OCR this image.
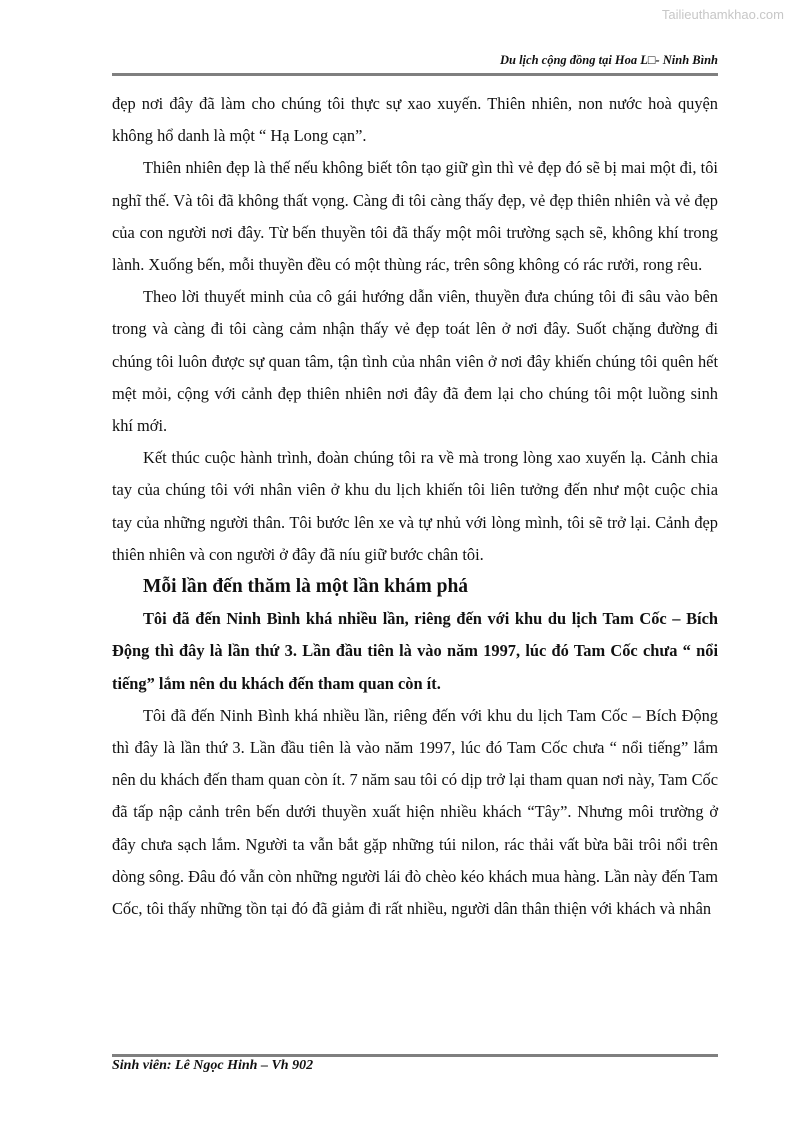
Tailieuthamkhao.com
Du lịch cộng đồng tại Hoa L□- Ninh Bình

đẹp nơi đây đã làm cho chúng tôi thực sự xao xuyến. Thiên nhiên, non nước hoà quyện không hổ danh là một “ Hạ Long cạn”.

Thiên nhiên đẹp là thế nếu không biết tôn tạo giữ gìn thì vẻ đẹp đó sẽ bị mai một đi, tôi nghĩ thế. Và tôi đã không thất vọng. Càng đi tôi càng thấy đẹp, vẻ đẹp thiên nhiên và vẻ đẹp của con người nơi đây. Từ bến thuyền tôi đã thấy một môi trường sạch sẽ, không khí trong lành. Xuống bến, mỗi thuyền đều có một thùng rác, trên sông không có rác rưởi, rong rêu.

Theo lời thuyết minh của cô gái hướng dẫn viên, thuyền đưa chúng tôi đi sâu vào bên trong và càng đi tôi càng cảm nhận thấy vẻ đẹp toát lên ở nơi đây. Suốt chặng đường đi chúng tôi luôn được sự quan tâm, tận tình của nhân viên ở nơi đây khiến chúng tôi quên hết mệt mỏi, cộng với cảnh đẹp thiên nhiên nơi đây đã đem lại cho chúng tôi một luồng sinh khí mới.

Kết thúc cuộc hành trình, đoàn chúng tôi ra về mà trong lòng xao xuyến lạ. Cảnh chia tay của chúng tôi với nhân viên ở khu du lịch khiến tôi liên tưởng đến như một cuộc chia tay của những người thân. Tôi bước lên xe và tự nhủ với lòng mình, tôi sẽ trở lại. Cảnh đẹp thiên nhiên và con người ở đây đã níu giữ bước chân tôi.

Mỗi lần đến thăm là một lần khám phá

Tôi đã đến Ninh Bình khá nhiều lần, riêng đến với khu du lịch Tam Cốc – Bích Động thì đây là lần thứ 3. Lần đầu tiên là vào năm 1997, lúc đó Tam Cốc chưa “ nổi tiếng” lắm nên du khách đến tham quan còn ít.

Tôi đã đến Ninh Bình khá nhiều lần, riêng đến với khu du lịch Tam Cốc – Bích Động thì đây là lần thứ 3. Lần đầu tiên là vào năm 1997, lúc đó Tam Cốc chưa “ nổi tiếng” lắm nên du khách đến tham quan còn ít. 7 năm sau tôi có dịp trở lại tham quan nơi này, Tam Cốc đã tấp nập cảnh trên bến dưới thuyền xuất hiện nhiều khách “Tây”. Nhưng môi trường ở đây chưa sạch lắm. Người ta vẫn bắt gặp những túi nilon, rác thải vất bừa bãi trôi nổi trên dòng sông. Đâu đó vẫn còn những người lái đò chèo kéo khách mua hàng. Lần này đến Tam Cốc, tôi thấy những tồn tại đó đã giảm đi rất nhiều, người dân thân thiện với khách và nhân

Sinh viên: Lê Ngọc Hinh – Vh 902
